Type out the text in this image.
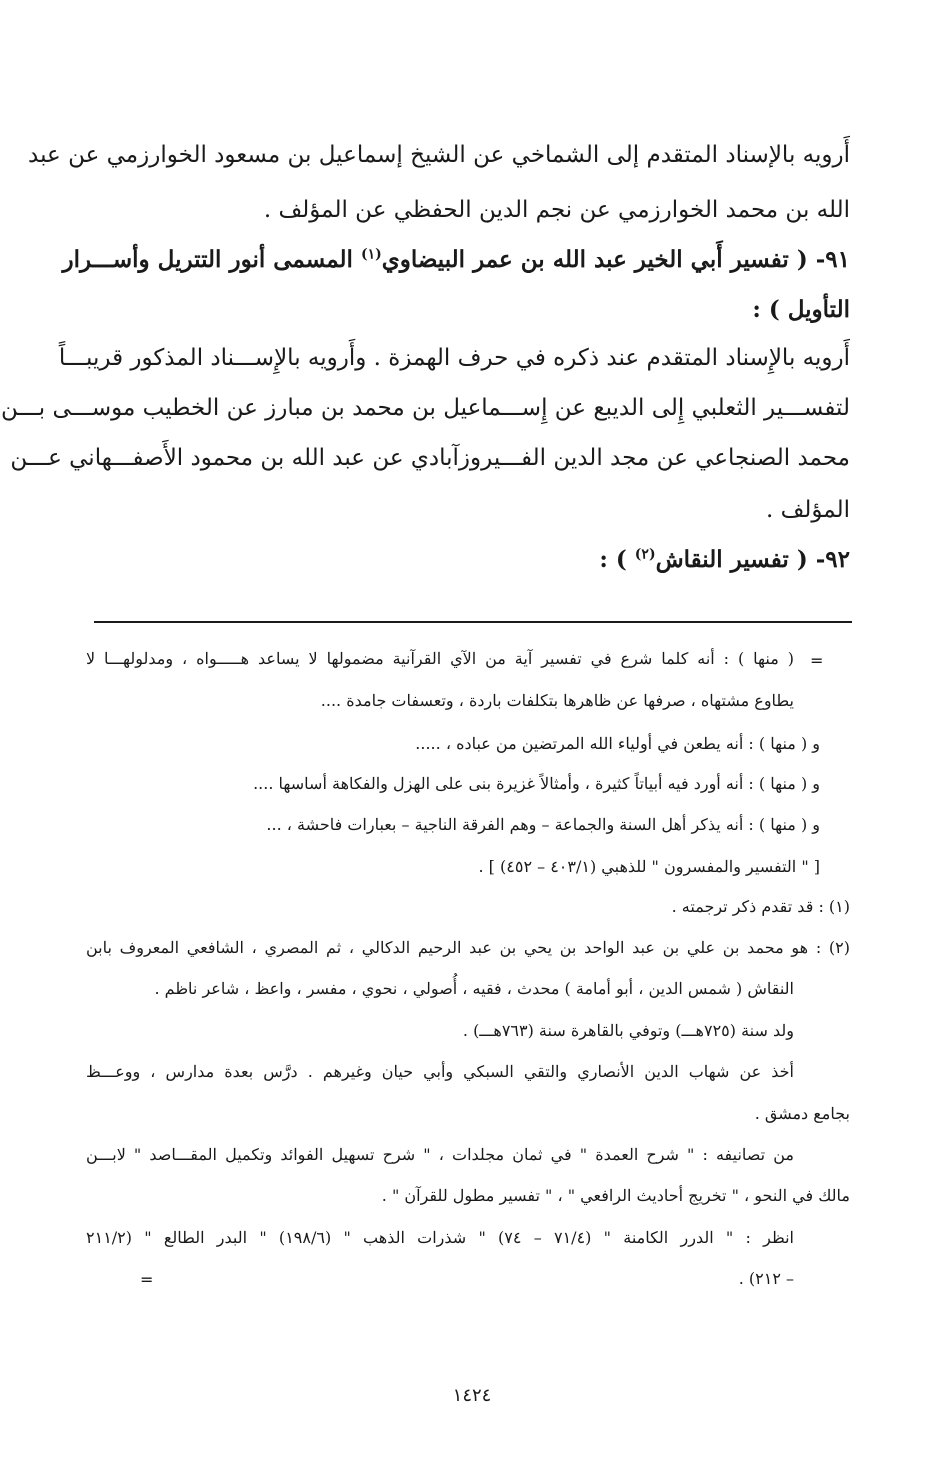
أَرويه بالإسناد المتقدم إلى الشماخي عن الشيخ إسماعيل بن مسعود الخوارزمي عن عبد
الله بن محمد الخوارزمي عن نجم الدين الحفظي عن المؤلف .
٩١- ( تفسير أَبي الخير عبد الله بن عمر البيضاوي$^{(١)}$ المسمى أنور التتريل وأســـرار
التأويل ) :
أَرويه بالإِسناد المتقدم عند ذكره في حرف الهمزة . وأَرويه بالإِســـناد المذكور قريبـــاً
لتفســـير الثعلبي إِلى الديبع عن إِســـماعيل بن محمد بن مبارز عن الخطيب موســـى بـــن
محمد الصنجاعي عن مجد الدين الفـــيروزآبادي عن عبد الله بن محمود الأَصفـــهاني عـــن
المؤلف .
٩٢- ( تفسير النقاش$^{(٢)}$ ) :
=
( منها ) : أنه كلما شرع في تفسير آية من الآي القرآنية مضمولها لا يساعد هـــــواه ، ومدلولهـــا لا
يطاوع مشتهاه ، صرفها عن ظاهرها بتكلفات باردة ، وتعسفات جامدة ....
و ( منها ) : أنه يطعن في أولياء الله المرتضين من عباده ، .....
و ( منها ) : أنه أورد فيه أبياتاً كثيرة ، وأمثالاً غزيرة بنى على الهزل والفكاهة أساسها ....
و ( منها ) : أنه يذكر أهل السنة والجماعة – وهم الفرقة الناجية – بعبارات فاحشة ، ...
[ " التفسير والمفسرون " للذهبي (٤٠٣/١ – ٤٥٢) ] .
(١) : قد تقدم ذكر ترجمته .
(٢) : هو محمد بن علي بن عبد الواحد بن يحي بن عبد الرحيم الدكالي ، ثم المصري ، الشافعي المعروف بابن
النقاش ( شمس الدين ، أبو أمامة ) محدث ، فقيه ، أُصولي ، نحوي ، مفسر ، واعظ ، شاعر ناظم .
ولد سنة (٧٢٥هـــ) وتوفي بالقاهرة سنة (٧٦٣هـــ) .
أخذ عن شهاب الدين الأنصاري والتقي السبكي وأبي حيان وغيرهم . درَّس بعدة مدارس ، ووعـــظ
بجامع دمشق .
من تصانيفه : " شرح العمدة " في ثمان مجلدات ، " شرح تسهيل الفوائد وتكميل المقـــاصد " لابـــن
مالك في النحو ، " تخريج أحاديث الرافعي " ، " تفسير مطول للقرآن " .
انظر : " الدرر الكامنة " (٧١/٤ – ٧٤) " شذرات الذهب " (١٩٨/٦) " البدر الطالع " (٢١١/٢
– ٢١٢) .
=
١٤٢٤
